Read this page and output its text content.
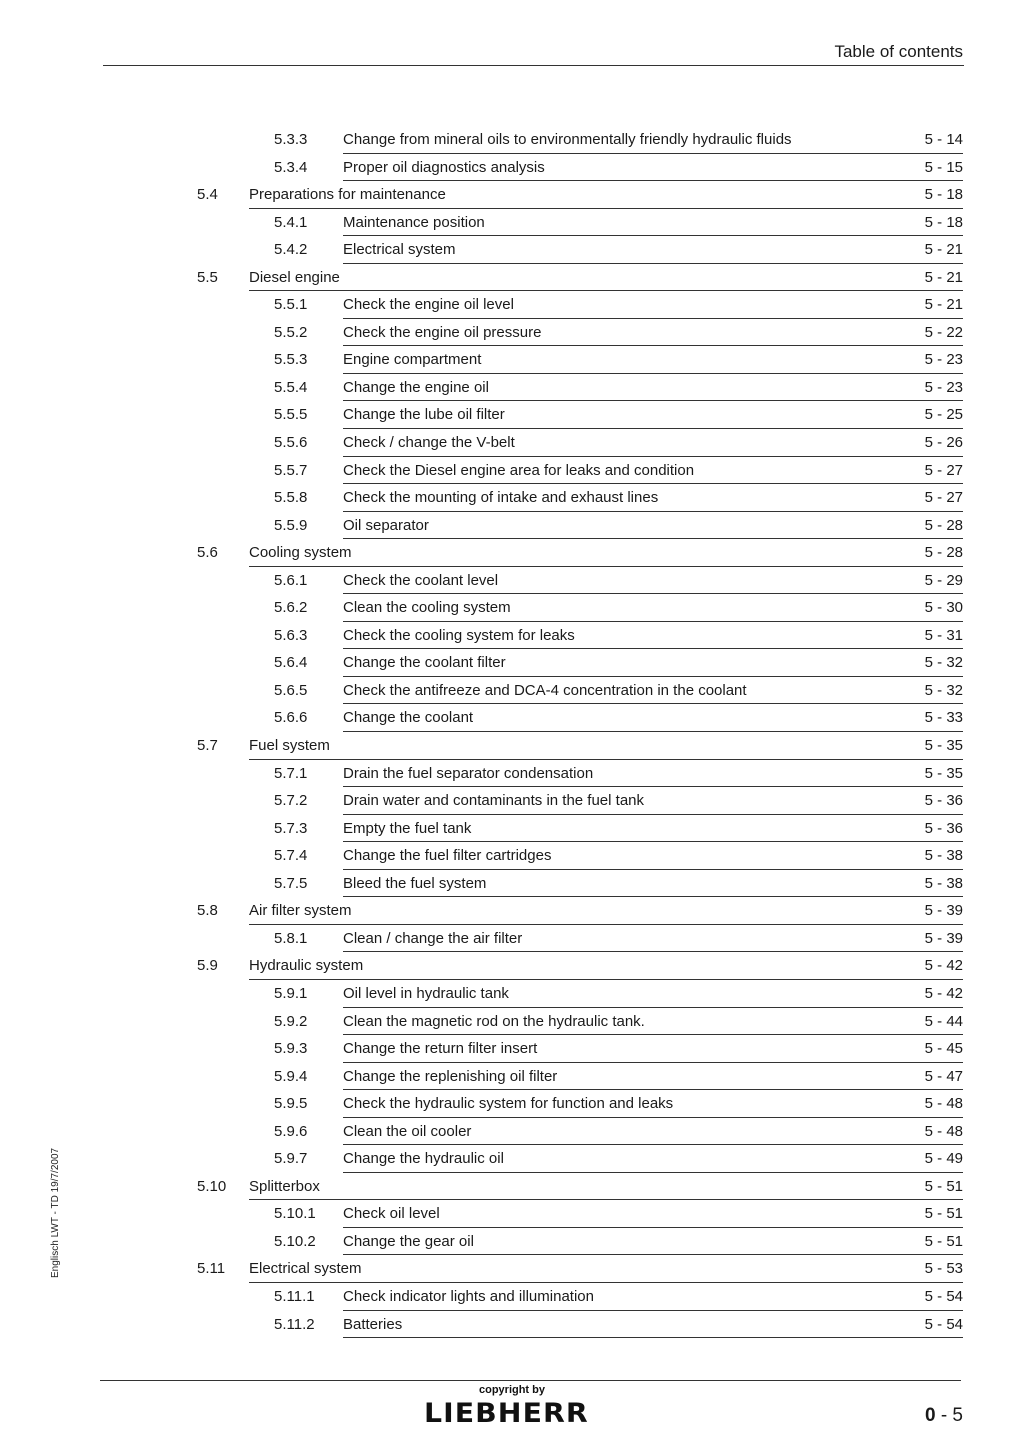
Table of contents
5.3.3 Change from mineral oils to environmentally friendly hydraulic fluids	5 - 14
5.3.4 Proper oil diagnostics analysis	5 - 15
5.4 Preparations for maintenance	5 - 18
5.4.1 Maintenance position	5 - 18
5.4.2 Electrical system	5 - 21
5.5 Diesel engine	5 - 21
5.5.1 Check the engine oil level	5 - 21
5.5.2 Check the engine oil pressure	5 - 22
5.5.3 Engine compartment	5 - 23
5.5.4 Change the engine oil	5 - 23
5.5.5 Change the lube oil filter	5 - 25
5.5.6 Check / change the V-belt	5 - 26
5.5.7 Check the Diesel engine area for leaks and condition	5 - 27
5.5.8 Check the mounting of intake and exhaust lines	5 - 27
5.5.9 Oil separator	5 - 28
5.6 Cooling system	5 - 28
5.6.1 Check the coolant level	5 - 29
5.6.2 Clean the cooling system	5 - 30
5.6.3 Check the cooling system for leaks	5 - 31
5.6.4 Change the coolant filter	5 - 32
5.6.5 Check the antifreeze and DCA-4 concentration in the coolant	5 - 32
5.6.6 Change the coolant	5 - 33
5.7 Fuel system	5 - 35
5.7.1 Drain the fuel separator condensation	5 - 35
5.7.2 Drain water and contaminants in the fuel tank	5 - 36
5.7.3 Empty the fuel tank	5 - 36
5.7.4 Change the fuel filter cartridges	5 - 38
5.7.5 Bleed the fuel system	5 - 38
5.8 Air filter system	5 - 39
5.8.1 Clean / change the air filter	5 - 39
5.9 Hydraulic system	5 - 42
5.9.1 Oil level in hydraulic tank	5 - 42
5.9.2 Clean the magnetic rod on the hydraulic tank.	5 - 44
5.9.3 Change the return filter insert	5 - 45
5.9.4 Change the replenishing oil filter	5 - 47
5.9.5 Check the hydraulic system for function and leaks	5 - 48
5.9.6 Clean the oil cooler	5 - 48
5.9.7 Change the hydraulic oil	5 - 49
5.10 Splitterbox	5 - 51
5.10.1 Check oil level	5 - 51
5.10.2 Change the gear oil	5 - 51
5.11 Electrical system	5 - 53
5.11.1 Check indicator lights and illumination	5 - 54
5.11.2 Batteries	5 - 54
Englisch LWT - TD 19/7/2007
copyright by
LIEBHERR	0 - 5
